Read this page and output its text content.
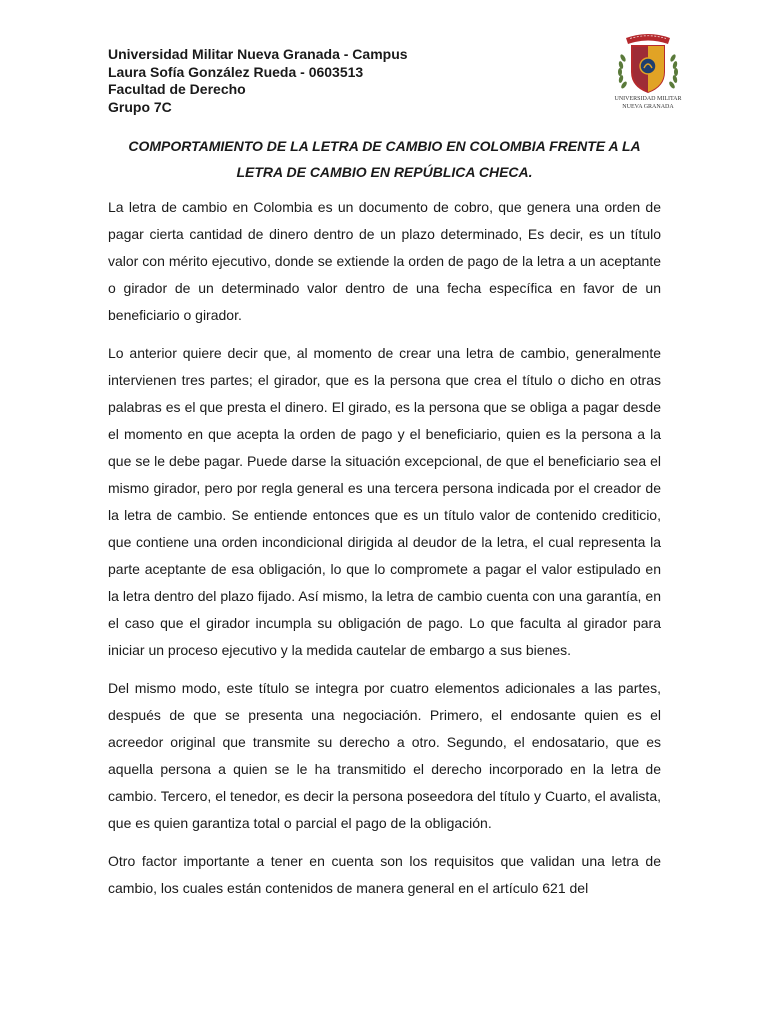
Universidad Militar Nueva Granada - Campus
Laura Sofía González Rueda - 0603513
Facultad de Derecho
Grupo 7C	UNIVERSIDAD MILITAR
NUEVA GRANADA
COMPORTAMIENTO DE LA LETRA DE CAMBIO EN COLOMBIA FRENTE A LA LETRA DE CAMBIO EN REPÚBLICA CHECA.

La letra de cambio en Colombia es un documento de cobro, que genera una orden de pagar cierta cantidad de dinero dentro de un plazo determinado, Es decir, es un título valor con mérito ejecutivo, donde se extiende la orden de pago de la letra a un aceptante o girador de un determinado valor dentro de una fecha específica en favor de un beneficiario o girador.

Lo anterior quiere decir que, al momento de crear una letra de cambio, generalmente intervienen tres partes; el girador, que es la persona que crea el título o dicho en otras palabras es el que presta el dinero. El girado, es la persona que se obliga a pagar desde el momento en que acepta la orden de pago y el beneficiario, quien es la persona a la que se le debe pagar. Puede darse la situación excepcional, de que el beneficiario sea el mismo girador, pero por regla general es una tercera persona indicada por el creador de la letra de cambio. Se entiende entonces que es un título valor de contenido crediticio, que contiene una orden incondicional dirigida al deudor de la letra, el cual representa la parte aceptante de esa obligación, lo que lo compromete a pagar el valor estipulado en la letra dentro del plazo fijado. Así mismo, la letra de cambio cuenta con una garantía, en el caso que el girador incumpla su obligación de pago. Lo que faculta al girador para iniciar un proceso ejecutivo y la medida cautelar de embargo a sus bienes.

Del mismo modo, este título se integra por cuatro elementos adicionales a las partes, después de que se presenta una negociación. Primero, el endosante quien es el acreedor original que transmite su derecho a otro. Segundo, el endosatario, que es aquella persona a quien se le ha transmitido el derecho incorporado en la letra de cambio. Tercero, el tenedor, es decir la persona poseedora del título y Cuarto, el avalista, que es quien garantiza total o parcial el pago de la obligación.

Otro factor importante a tener en cuenta son los requisitos que validan una letra de cambio, los cuales están contenidos de manera general en el artículo 621 del
